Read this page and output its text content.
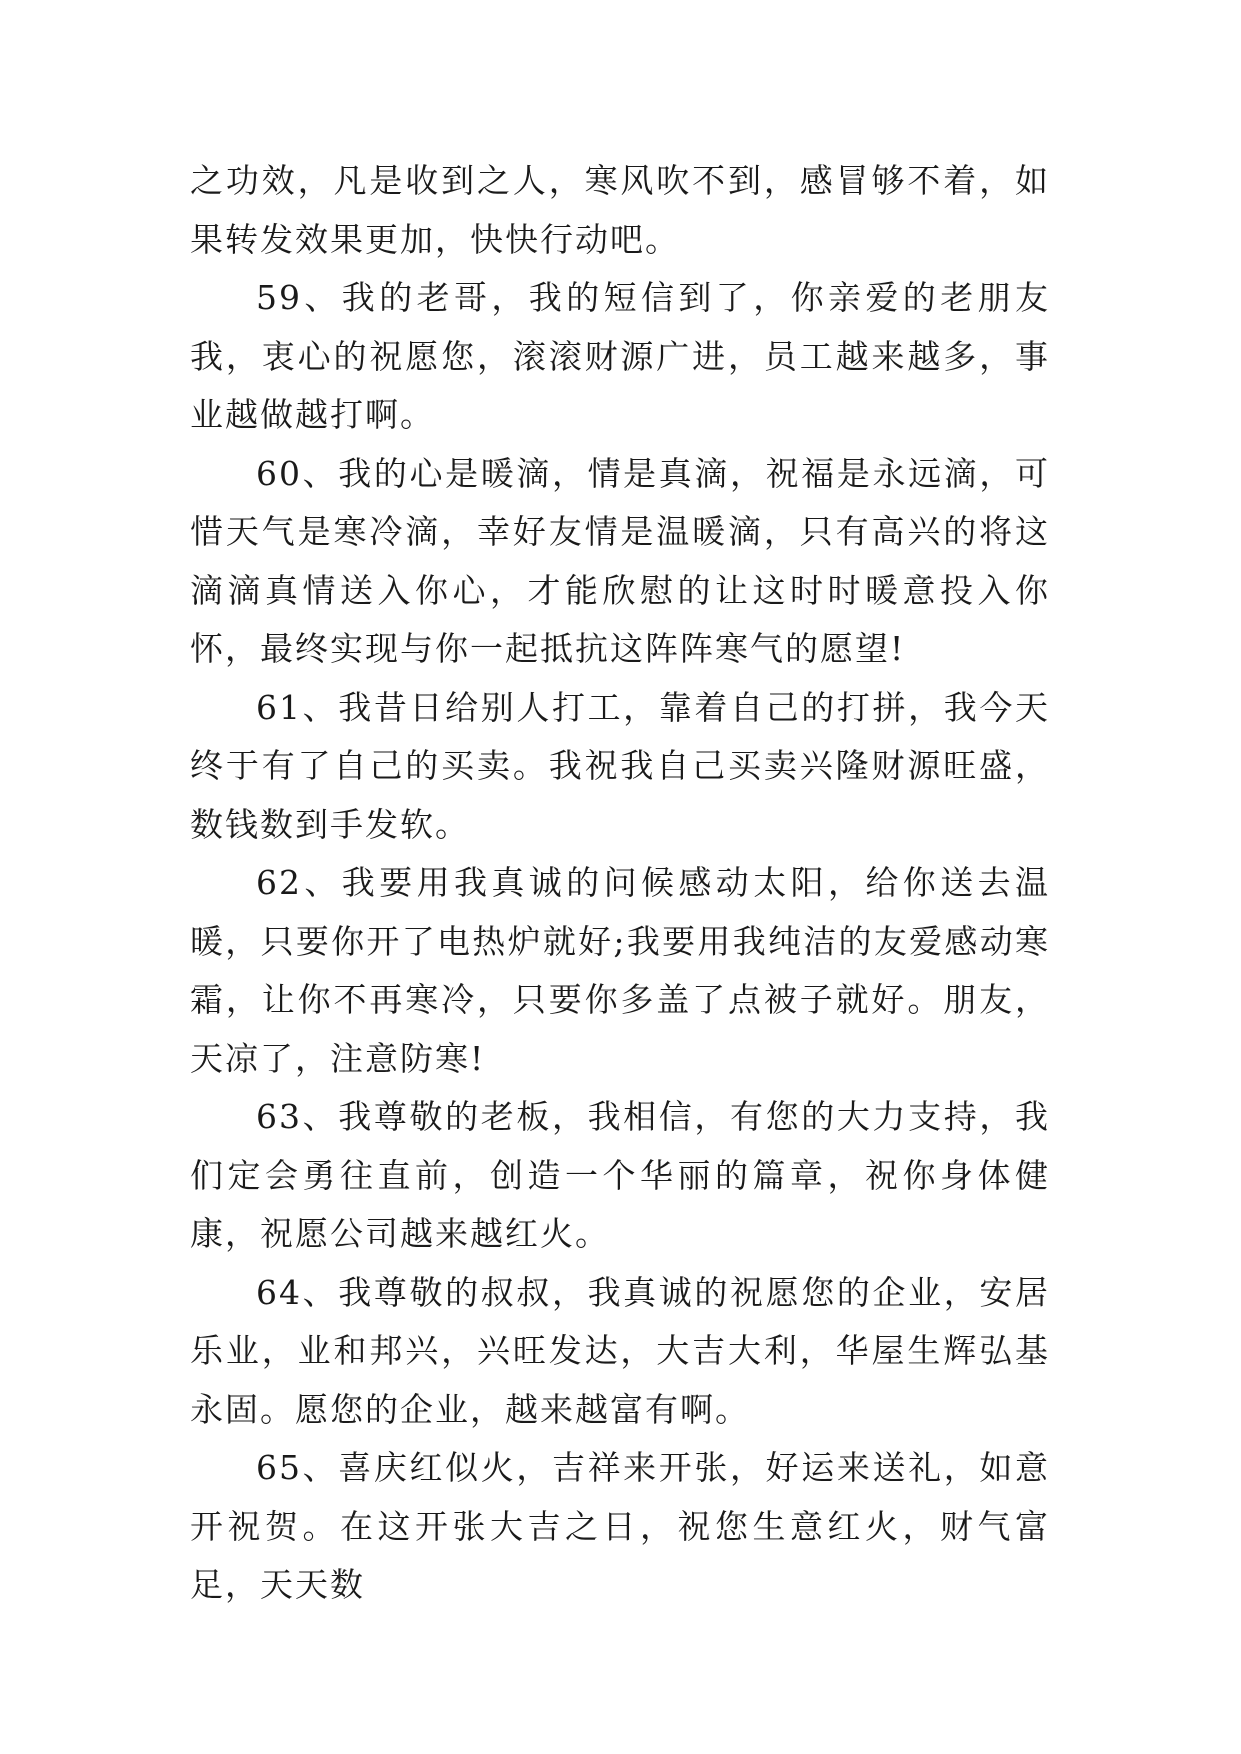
之功效，凡是收到之人，寒风吹不到，感冒够不着，如果转发效果更加，快快行动吧。

59、我的老哥，我的短信到了，你亲爱的老朋友我，衷心的祝愿您，滚滚财源广进，员工越来越多，事业越做越打啊。

60、我的心是暖滴，情是真滴，祝福是永远滴，可惜天气是寒冷滴，幸好友情是温暖滴，只有高兴的将这滴滴真情送入你心，才能欣慰的让这时时暖意投入你怀，最终实现与你一起抵抗这阵阵寒气的愿望!

61、我昔日给别人打工，靠着自己的打拼，我今天终于有了自己的买卖。我祝我自己买卖兴隆财源旺盛，数钱数到手发软。

62、我要用我真诚的问候感动太阳，给你送去温暖，只要你开了电热炉就好;我要用我纯洁的友爱感动寒霜，让你不再寒冷，只要你多盖了点被子就好。朋友，天凉了，注意防寒!

63、我尊敬的老板，我相信，有您的大力支持，我们定会勇往直前，创造一个华丽的篇章，祝你身体健康，祝愿公司越来越红火。

64、我尊敬的叔叔，我真诚的祝愿您的企业，安居乐业，业和邦兴，兴旺发达，大吉大利，华屋生辉弘基永固。愿您的企业，越来越富有啊。

65、喜庆红似火，吉祥来开张，好运来送礼，如意开祝贺。在这开张大吉之日，祝您生意红火，财气富足，天天数
